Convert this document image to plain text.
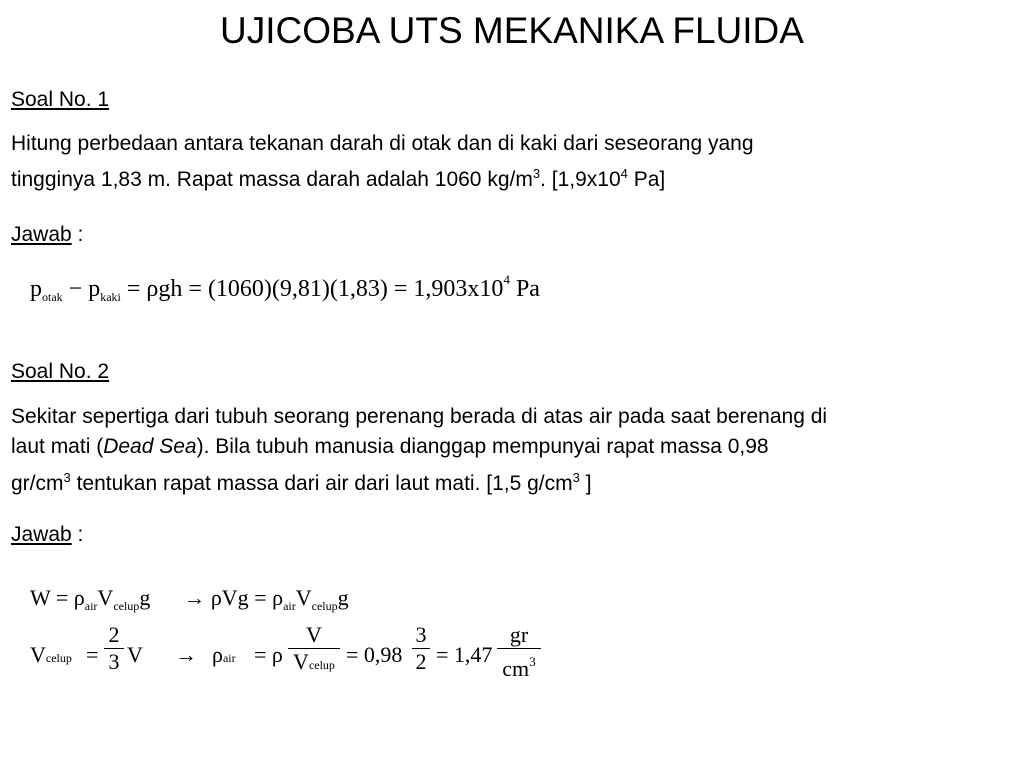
UJICOBA UTS MEKANIKA FLUIDA
Soal No. 1
Hitung perbedaan antara tekanan darah di otak dan di kaki dari seseorang yang
tingginya 1,83 m. Rapat massa darah adalah 1060 $kg/m^3$. [$1,9x10^4$ Pa]
Jawab :
$p_{otak} - p_{kaki} = \rho gh = (1060)(9,81)(1,83) = 1,903x10^4$ Pa
Soal No. 2
Sekitar sepertiga dari tubuh seorang perenang berada di atas air pada saat berenang di
laut mati (Dead Sea). Bila tubuh manusia dianggap mempunyai rapat massa 0,98
$gr/cm^3$ tentukan rapat massa dari air dari laut mati. [1,5 $g/cm^3$ ]
Jawab :
$W = \rho_{air}V_{celup}g \to \rho Vg = \rho_{air}V_{celup}g$
Vcelup = $\frac{2}{3}$ V → ρair = ρ
V
Vcelup = $0,98 \frac{3}{2} = 1,47 \frac{gr}{cm^3}$
